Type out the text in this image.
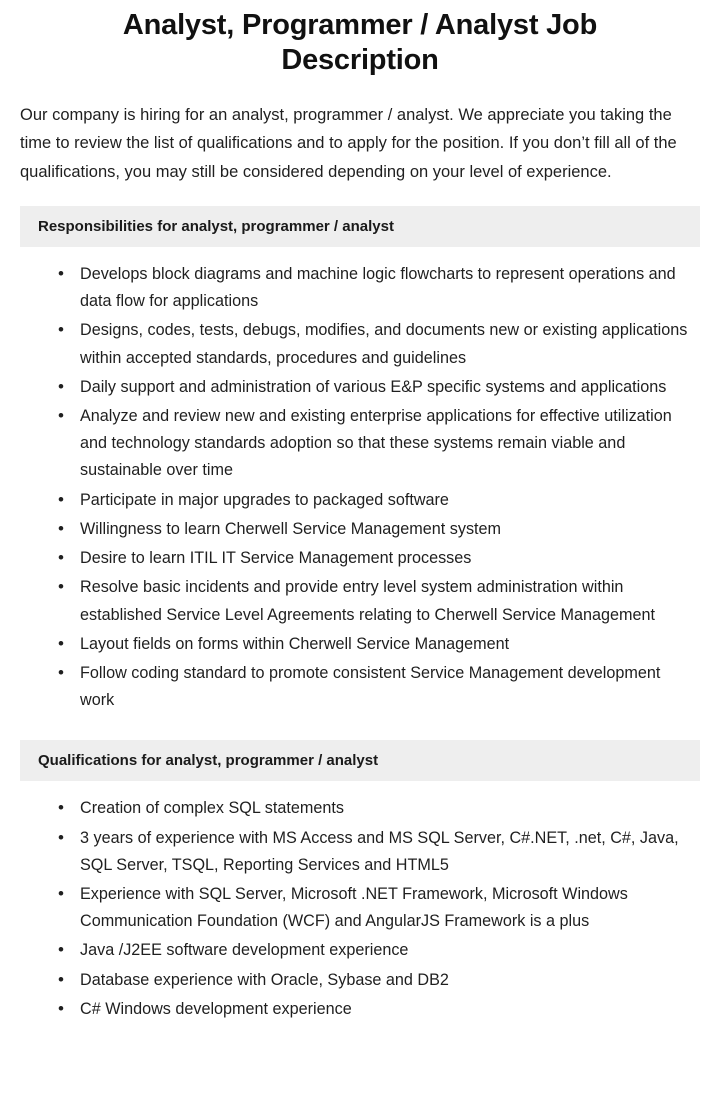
Analyst, Programmer / Analyst Job Description

Our company is hiring for an analyst, programmer / analyst. We appreciate you taking the time to review the list of qualifications and to apply for the position. If you don’t fill all of the qualifications, you may still be considered depending on your level of experience.

Responsibilities for analyst, programmer / analyst
• Develops block diagrams and machine logic flowcharts to represent operations and data flow for applications
• Designs, codes, tests, debugs, modifies, and documents new or existing applications within accepted standards, procedures and guidelines
• Daily support and administration of various E&P specific systems and applications
• Analyze and review new and existing enterprise applications for effective utilization and technology standards adoption so that these systems remain viable and sustainable over time
• Participate in major upgrades to packaged software
• Willingness to learn Cherwell Service Management system
• Desire to learn ITIL IT Service Management processes
• Resolve basic incidents and provide entry level system administration within established Service Level Agreements relating to Cherwell Service Management
• Layout fields on forms within Cherwell Service Management
• Follow coding standard to promote consistent Service Management development work
Qualifications for analyst, programmer / analyst
• Creation of complex SQL statements
• 3 years of experience with MS Access and MS SQL Server, C#.NET, .net, C#, Java, SQL Server, TSQL, Reporting Services and HTML5
• Experience with SQL Server, Microsoft .NET Framework, Microsoft Windows Communication Foundation (WCF) and AngularJS Framework is a plus
• Java /J2EE software development experience
• Database experience with Oracle, Sybase and DB2
• C# Windows development experience
